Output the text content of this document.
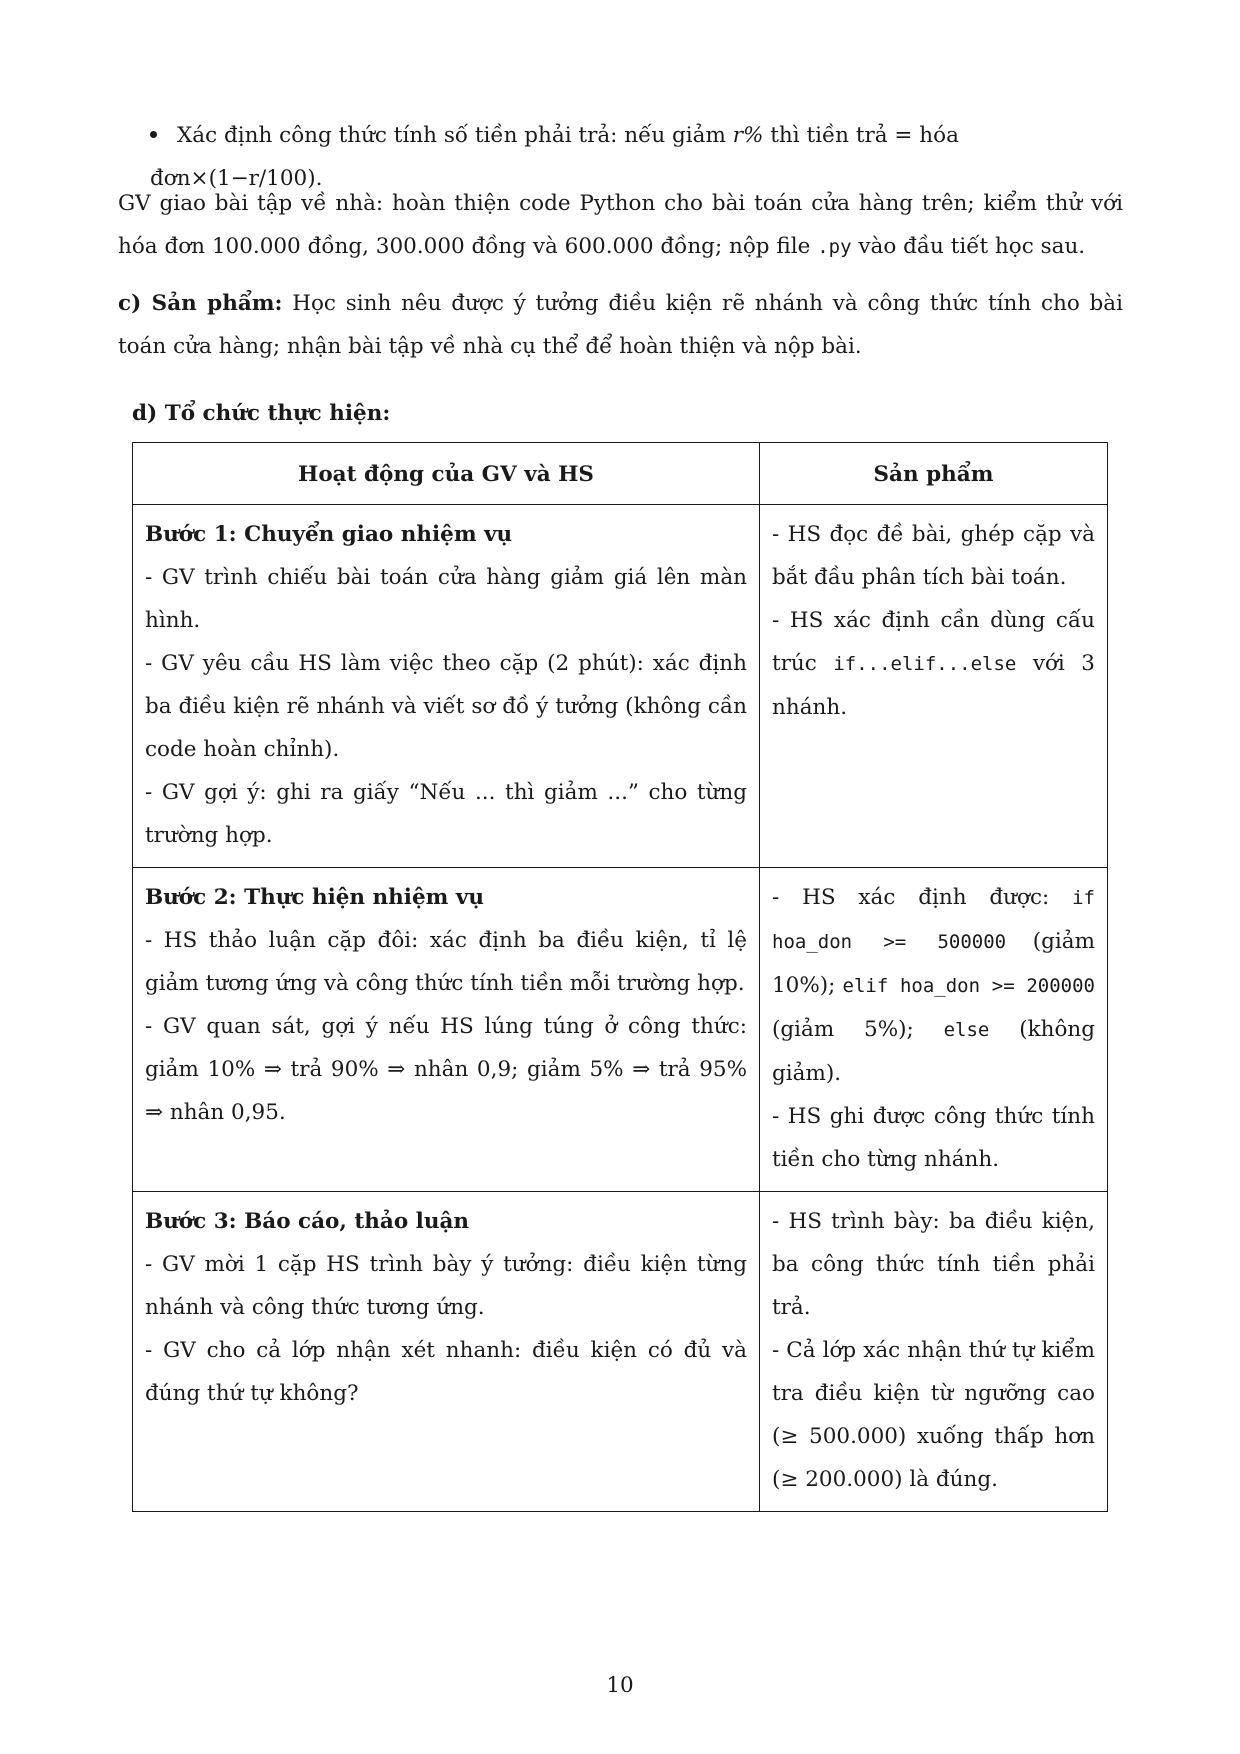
Xác định công thức tính số tiền phải trả: nếu giảm r% thì tiền trả = hóa đơn×(1−r/100).
GV giao bài tập về nhà: hoàn thiện code Python cho bài toán cửa hàng trên; kiểm thử với hóa đơn 100.000 đồng, 300.000 đồng và 600.000 đồng; nộp file .py vào đầu tiết học sau.
c) Sản phẩm: Học sinh nêu được ý tưởng điều kiện rẽ nhánh và công thức tính cho bài toán cửa hàng; nhận bài tập về nhà cụ thể để hoàn thiện và nộp bài.
d) Tổ chức thực hiện:
Hoạt động của GV và HS	Sản phẩm

Bước 1: Chuyển giao nhiệm vụ
- GV trình chiếu bài toán cửa hàng giảm giá lên màn hình.
- GV yêu cầu HS làm việc theo cặp (2 phút): xác định ba điều kiện rẽ nhánh và viết sơ đồ ý tưởng (không cần code hoàn chỉnh).
- GV gợi ý: ghi ra giấy “Nếu ... thì giảm ...” cho từng trường hợp.	- HS đọc đề bài, ghép cặp và bắt đầu phân tích bài toán.
- HS xác định cần dùng cấu trúc if...elif...else với 3 nhánh.

Bước 2: Thực hiện nhiệm vụ
- HS thảo luận cặp đôi: xác định ba điều kiện, tỉ lệ giảm tương ứng và công thức tính tiền mỗi trường hợp.
- GV quan sát, gợi ý nếu HS lúng túng ở công thức: giảm 10% ⇒ trả 90% ⇒ nhân 0,9; giảm 5% ⇒ trả 95% ⇒ nhân 0,95.	- HS xác định được: if hoa_don >= 500000 (giảm 10%); elif hoa_don >= 200000 (giảm 5%); else (không giảm).
- HS ghi được công thức tính tiền cho từng nhánh.

Bước 3: Báo cáo, thảo luận
- GV mời 1 cặp HS trình bày ý tưởng: điều kiện từng nhánh và công thức tương ứng.
- GV cho cả lớp nhận xét nhanh: điều kiện có đủ và đúng thứ tự không?	- HS trình bày: ba điều kiện, ba công thức tính tiền phải trả.
- Cả lớp xác nhận thứ tự kiểm tra điều kiện từ ngưỡng cao (≥ 500.000) xuống thấp hơn (≥ 200.000) là đúng.
10
